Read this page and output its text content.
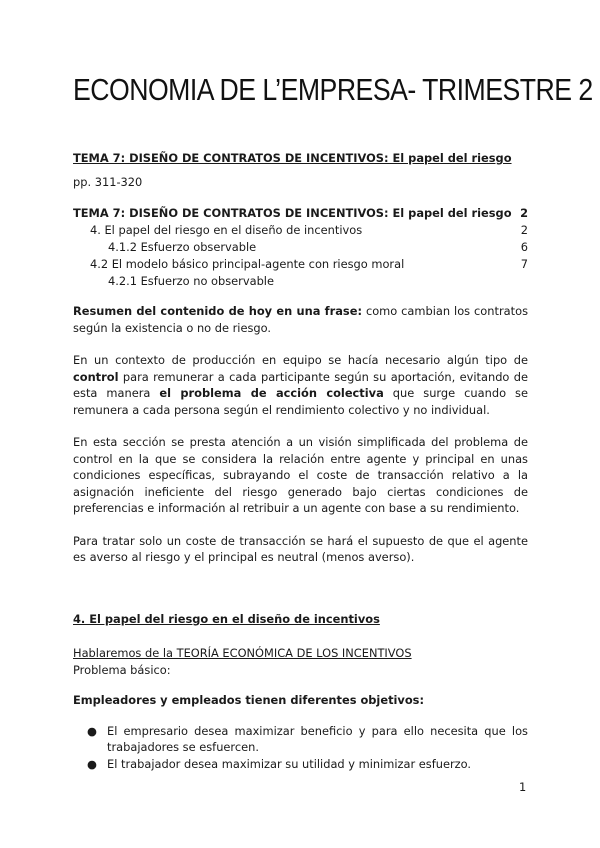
ECONOMIA DE L’EMPRESA- TRIMESTRE 2
TEMA 7: DISEÑO DE CONTRATOS DE INCENTIVOS: El papel del riesgo
pp. 311-320
TEMA 7: DISEÑO DE CONTRATOS DE INCENTIVOS: El papel del riesgo 2
4. El papel del riesgo en el diseño de incentivos	2
4.1.2 Esfuerzo observable	6
4.2 El modelo básico principal-agente con riesgo moral	7
4.2.1 Esfuerzo no observable

Resumen del contenido de hoy en una frase: como cambian los contratos según la existencia o no de riesgo.

En un contexto de producción en equipo se hacía necesario algún tipo de control para remunerar a cada participante según su aportación, evitando de esta manera el problema de acción colectiva que surge cuando se remunera a cada persona según el rendimiento colectivo y no individual.

En esta sección se presta atención a un visión simplificada del problema de control en la que se considera la relación entre agente y principal en unas condiciones específicas, subrayando el coste de transacción relativo a la asignación ineficiente del riesgo generado bajo ciertas condiciones de preferencias e información al retribuir a un agente con base a su rendimiento.

Para tratar solo un coste de transacción se hará el supuesto de que el agente es averso al riesgo y el principal es neutral (menos averso).

4. El papel del riesgo en el diseño de incentivos
Hablaremos de la TEORÍA ECONÓMICA DE LOS INCENTIVOS
Problema básico:
Empleadores y empleados tienen diferentes objetivos:
● El empresario desea maximizar beneficio y para ello necesita que los trabajadores se esfuercen.
● El trabajador desea maximizar su utilidad y minimizar esfuerzo.
1
